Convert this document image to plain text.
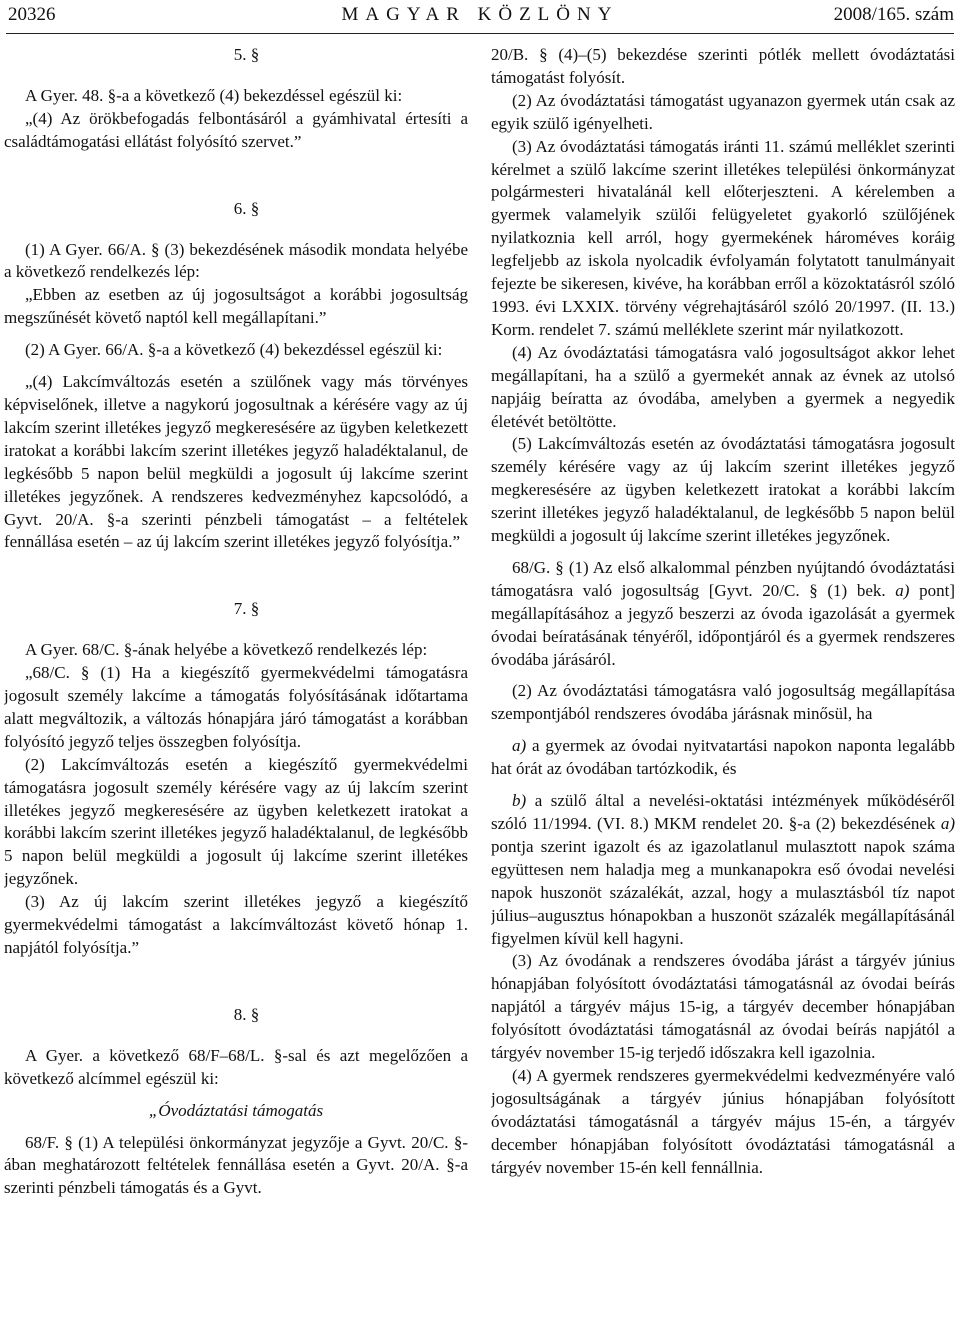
20326	MAGYAR KÖZLÖNY	2008/165. szám

5. §

A Gyer. 48. §-a a következő (4) bekezdéssel egészül ki:

„(4) Az örökbefogadás felbontásáról a gyámhivatal értesíti a családtámogatási ellátást folyósító szervet.”

6. §

(1) A Gyer. 66/A. § (3) bekezdésének második mondata helyébe a következő rendelkezés lép:

„Ebben az esetben az új jogosultságot a korábbi jogosultság megszűnését követő naptól kell megállapítani.”

(2) A Gyer. 66/A. §-a a következő (4) bekezdéssel egészül ki:

„(4) Lakcímváltozás esetén a szülőnek vagy más törvényes képviselőnek, illetve a nagykorú jogosultnak a kérésére vagy az új lakcím szerint illetékes jegyző megkeresésére az ügyben keletkezett iratokat a korábbi lakcím szerint illetékes jegyző haladéktalanul, de legkésőbb 5 napon belül megküldi a jogosult új lakcíme szerint illetékes jegyzőnek. A rendszeres kedvezményhez kapcsolódó, a Gyvt. 20/A. §-a szerinti pénzbeli támogatást – a feltételek fennállása esetén – az új lakcím szerint illetékes jegyző folyósítja.”

7. §

A Gyer. 68/C. §-ának helyébe a következő rendelkezés lép:

„68/C. § (1) Ha a kiegészítő gyermekvédelmi támogatásra jogosult személy lakcíme a támogatás folyósításának időtartama alatt megváltozik, a változás hónapjára járó támogatást a korábban folyósító jegyző teljes összegben folyósítja.

(2) Lakcímváltozás esetén a kiegészítő gyermekvédelmi támogatásra jogosult személy kérésére vagy az új lakcím szerint illetékes jegyző megkeresésére az ügyben keletkezett iratokat a korábbi lakcím szerint illetékes jegyző haladéktalanul, de legkésőbb 5 napon belül megküldi a jogosult új lakcíme szerint illetékes jegyzőnek.

(3) Az új lakcím szerint illetékes jegyző a kiegészítő gyermekvédelmi támogatást a lakcímváltozást követő hónap 1. napjától folyósítja.”

8. §

A Gyer. a következő 68/F–68/L. §-sal és azt megelőzően a következő alcímmel egészül ki:

„Óvodáztatási támogatás

68/F. § (1) A települési önkormányzat jegyzője a Gyvt. 20/C. §-ában meghatározott feltételek fennállása esetén a Gyvt. 20/A. §-a szerinti pénzbeli támogatás és a Gyvt.

20/B. § (4)–(5) bekezdése szerinti pótlék mellett óvodáztatási támogatást folyósít.

(2) Az óvodáztatási támogatást ugyanazon gyermek után csak az egyik szülő igényelheti.

(3) Az óvodáztatási támogatás iránti 11. számú melléklet szerinti kérelmet a szülő lakcíme szerint illetékes települési önkormányzat polgármesteri hivatalánál kell előterjeszteni. A kérelemben a gyermek valamelyik szülői felügyeletet gyakorló szülőjének nyilatkoznia kell arról, hogy gyermekének hároméves koráig legfeljebb az iskola nyolcadik évfolyamán folytatott tanulmányait fejezte be sikeresen, kivéve, ha korábban erről a közoktatásról szóló 1993. évi LXXIX. törvény végrehajtásáról szóló 20/1997. (II. 13.) Korm. rendelet 7. számú melléklete szerint már nyilatkozott.

(4) Az óvodáztatási támogatásra való jogosultságot akkor lehet megállapítani, ha a szülő a gyermekét annak az évnek az utolsó napjáig beíratta az óvodába, amelyben a gyermek a negyedik életévét betöltötte.

(5) Lakcímváltozás esetén az óvodáztatási támogatásra jogosult személy kérésére vagy az új lakcím szerint illetékes jegyző megkeresésére az ügyben keletkezett iratokat a korábbi lakcím szerint illetékes jegyző haladéktalanul, de legkésőbb 5 napon belül megküldi a jogosult új lakcíme szerint illetékes jegyzőnek.

68/G. § (1) Az első alkalommal pénzben nyújtandó óvodáztatási támogatásra való jogosultság [Gyvt. 20/C. § (1) bek. a) pont] megállapításához a jegyző beszerzi az óvoda igazolását a gyermek óvodai beíratásának tényéről, időpontjáról és a gyermek rendszeres óvodába járásáról.

(2) Az óvodáztatási támogatásra való jogosultság megállapítása szempontjából rendszeres óvodába járásnak minősül, ha

a) a gyermek az óvodai nyitvatartási napokon naponta legalább hat órát az óvodában tartózkodik, és

b) a szülő által a nevelési-oktatási intézmények működéséről szóló 11/1994. (VI. 8.) MKM rendelet 20. §-a (2) bekezdésének a) pontja szerint igazolt és az igazolatlanul mulasztott napok száma együttesen nem haladja meg a munkanapokra eső óvodai nevelési napok huszonöt százalékát, azzal, hogy a mulasztásból tíz napot július–augusztus hónapokban a huszonöt százalék megállapításánál figyelmen kívül kell hagyni.

(3) Az óvodának a rendszeres óvodába járást a tárgyév június hónapjában folyósított óvodáztatási támogatásnál az óvodai beírás napjától a tárgyév május 15-ig, a tárgyév december hónapjában folyósított óvodáztatási támogatásnál az óvodai beírás napjától a tárgyév november 15-ig terjedő időszakra kell igazolnia.

(4) A gyermek rendszeres gyermekvédelmi kedvezményére való jogosultságának a tárgyév június hónapjában folyósított óvodáztatási támogatásnál a tárgyév május 15-én, a tárgyév december hónapjában folyósított óvodáztatási támogatásnál a tárgyév november 15-én kell fennállnia.
